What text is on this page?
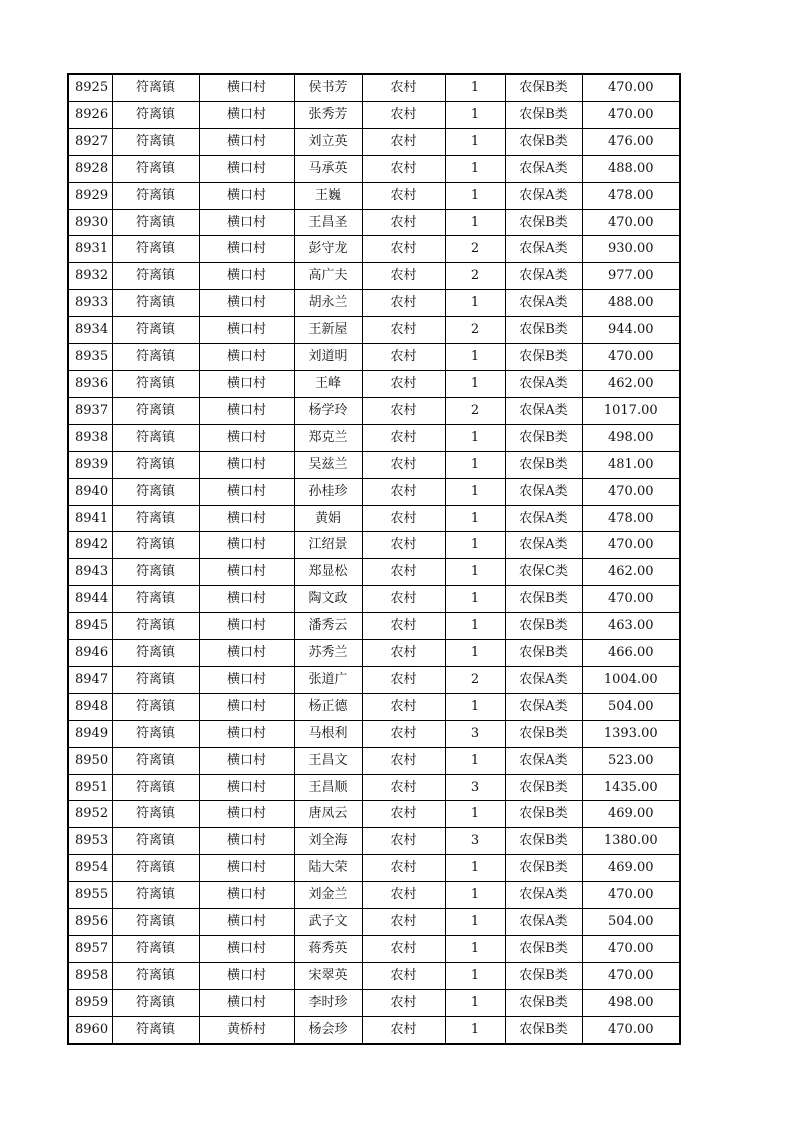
8925	符离镇	横口村	侯书芳	农村	1	农保B类	470.00
8926	符离镇	横口村	张秀芳	农村	1	农保B类	470.00
8927	符离镇	横口村	刘立英	农村	1	农保B类	476.00
8928	符离镇	横口村	马承英	农村	1	农保A类	488.00
8929	符离镇	横口村	王巍	农村	1	农保A类	478.00
8930	符离镇	横口村	王昌圣	农村	1	农保B类	470.00
8931	符离镇	横口村	彭守龙	农村	2	农保A类	930.00
8932	符离镇	横口村	高广夫	农村	2	农保A类	977.00
8933	符离镇	横口村	胡永兰	农村	1	农保A类	488.00
8934	符离镇	横口村	王新屋	农村	2	农保B类	944.00
8935	符离镇	横口村	刘道明	农村	1	农保B类	470.00
8936	符离镇	横口村	王峰	农村	1	农保A类	462.00
8937	符离镇	横口村	杨学玲	农村	2	农保A类	1017.00
8938	符离镇	横口村	郑克兰	农村	1	农保B类	498.00
8939	符离镇	横口村	吴兹兰	农村	1	农保B类	481.00
8940	符离镇	横口村	孙桂珍	农村	1	农保A类	470.00
8941	符离镇	横口村	黄娟	农村	1	农保A类	478.00
8942	符离镇	横口村	江绍景	农村	1	农保A类	470.00
8943	符离镇	横口村	郑显松	农村	1	农保C类	462.00
8944	符离镇	横口村	陶文政	农村	1	农保B类	470.00
8945	符离镇	横口村	潘秀云	农村	1	农保B类	463.00
8946	符离镇	横口村	苏秀兰	农村	1	农保B类	466.00
8947	符离镇	横口村	张道广	农村	2	农保A类	1004.00
8948	符离镇	横口村	杨正德	农村	1	农保A类	504.00
8949	符离镇	横口村	马根利	农村	3	农保B类	1393.00
8950	符离镇	横口村	王昌文	农村	1	农保A类	523.00
8951	符离镇	横口村	王昌顺	农村	3	农保B类	1435.00
8952	符离镇	横口村	唐凤云	农村	1	农保B类	469.00
8953	符离镇	横口村	刘全海	农村	3	农保B类	1380.00
8954	符离镇	横口村	陆大荣	农村	1	农保B类	469.00
8955	符离镇	横口村	刘金兰	农村	1	农保A类	470.00
8956	符离镇	横口村	武子文	农村	1	农保A类	504.00
8957	符离镇	横口村	蒋秀英	农村	1	农保B类	470.00
8958	符离镇	横口村	宋翠英	农村	1	农保B类	470.00
8959	符离镇	横口村	李时珍	农村	1	农保B类	498.00
8960	符离镇	黄桥村	杨会珍	农村	1	农保B类	470.00
